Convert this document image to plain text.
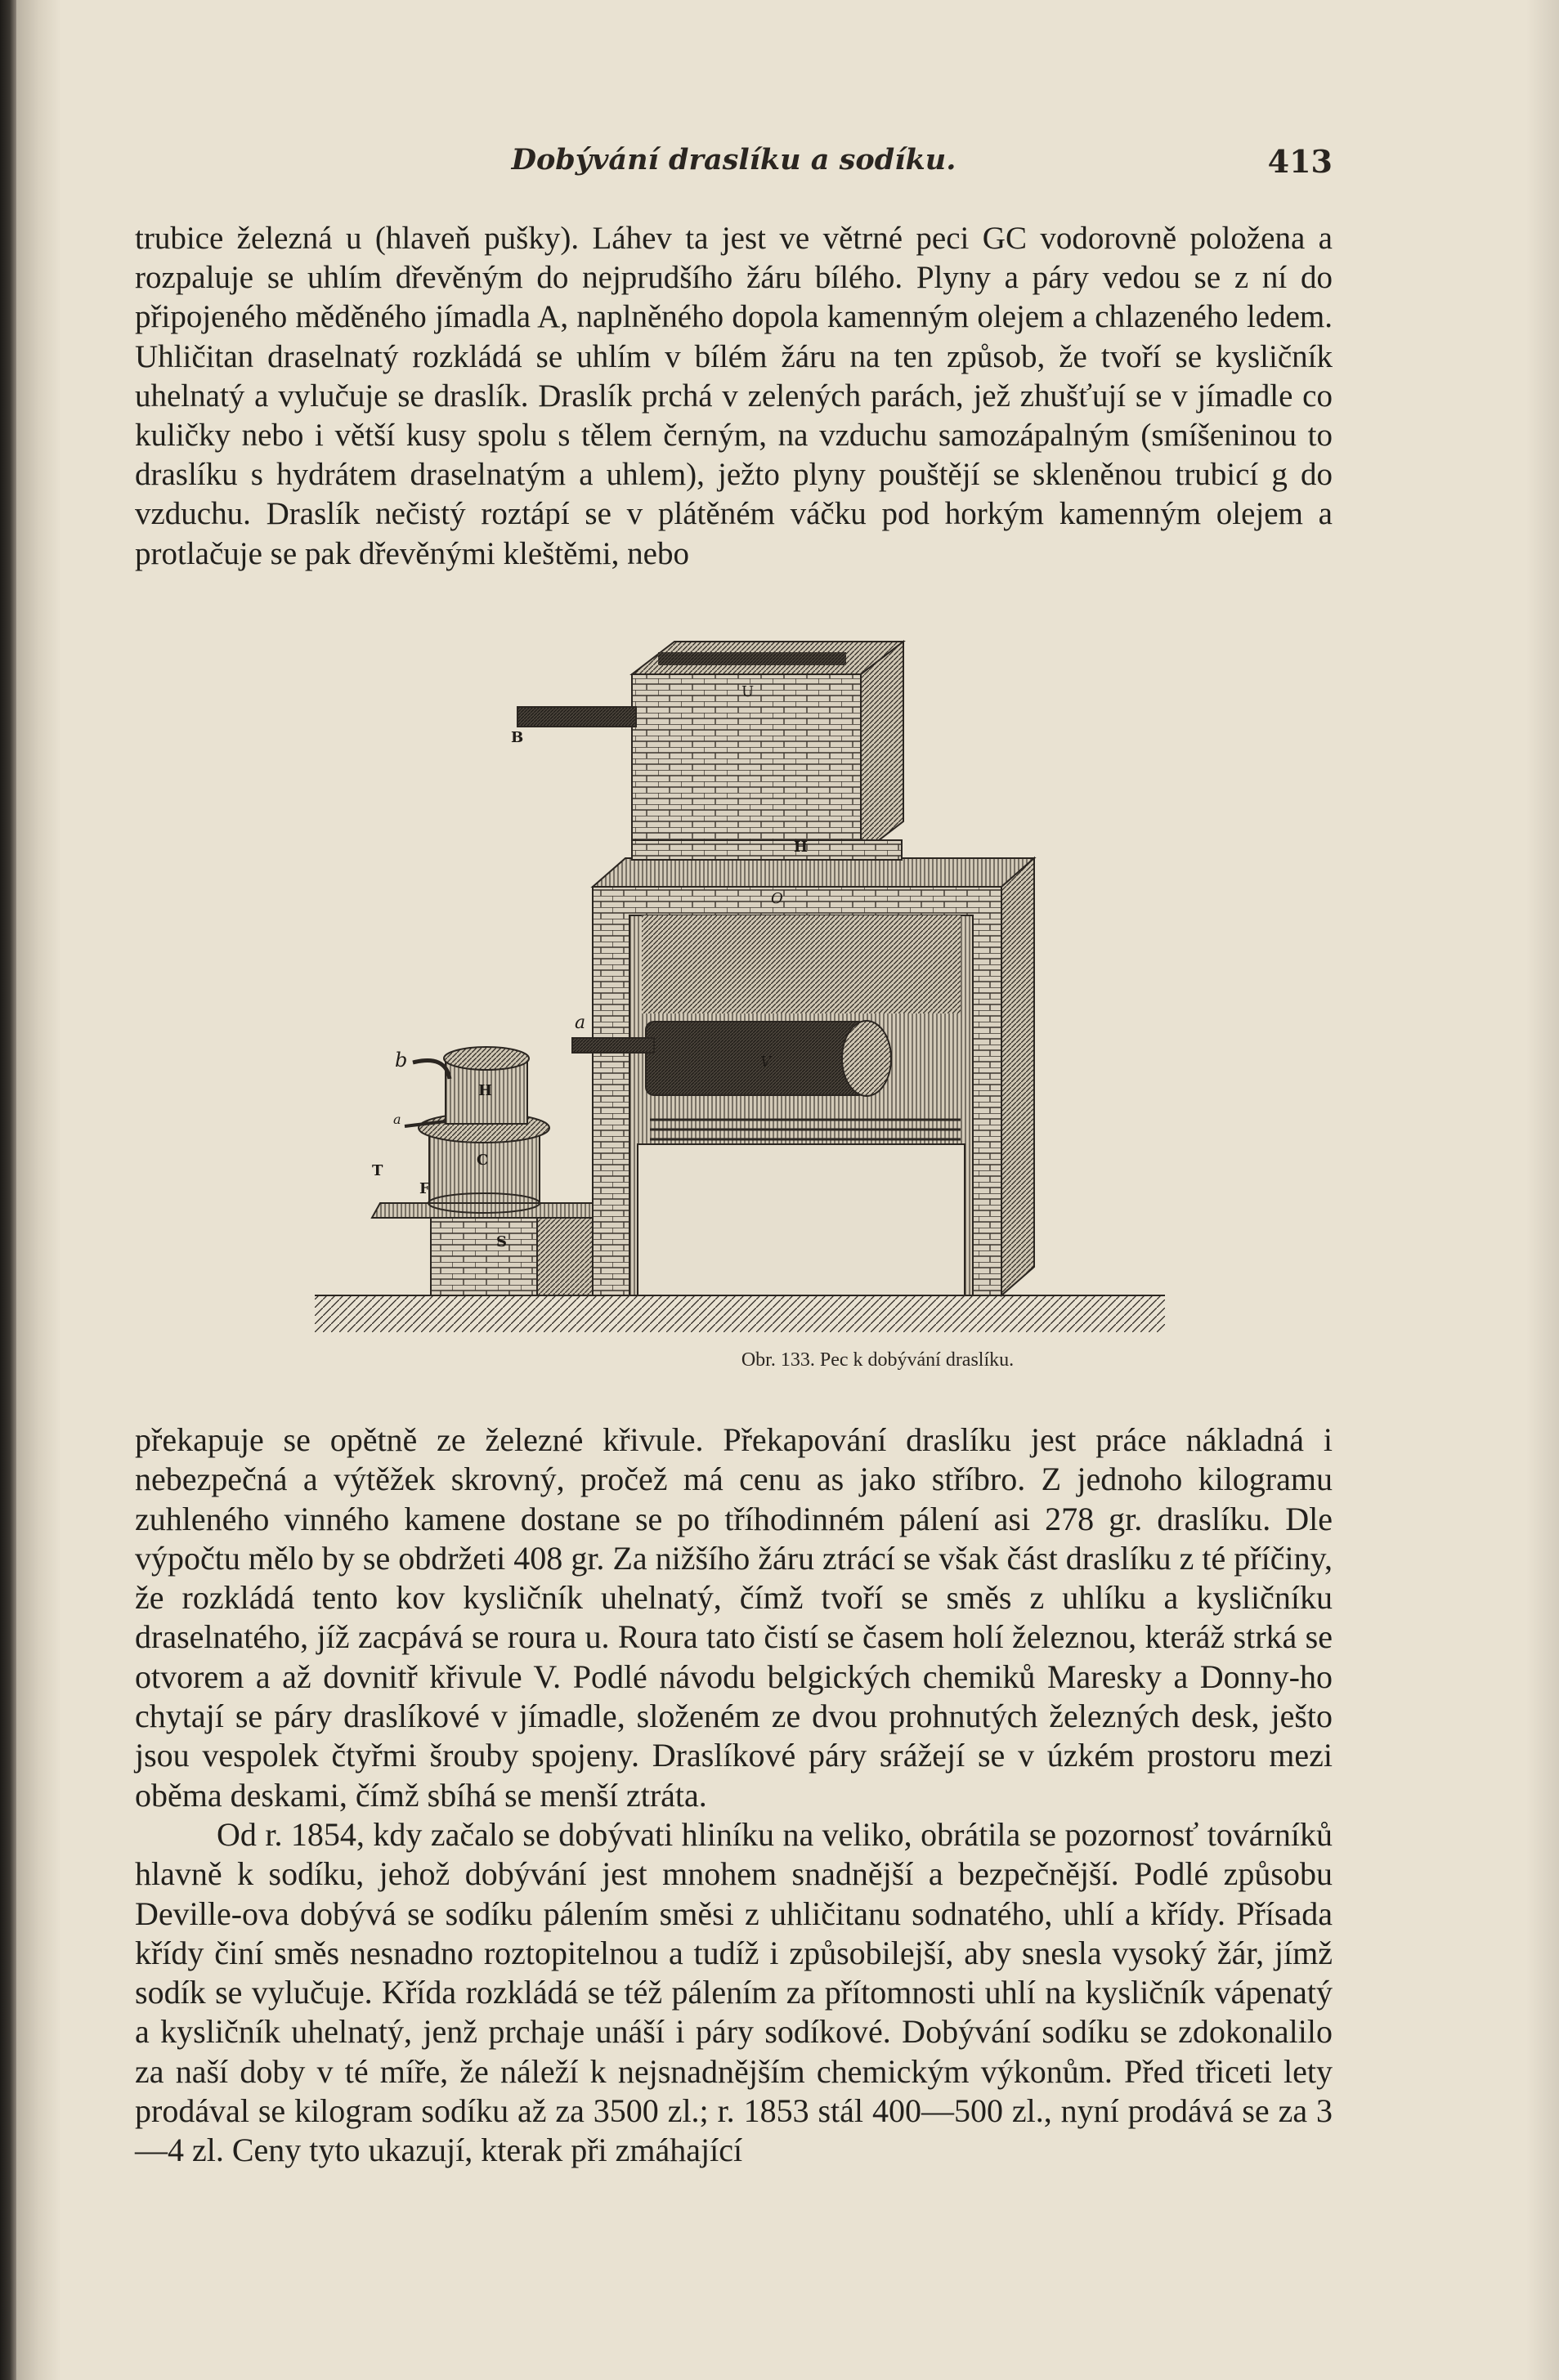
Dobývání draslíku a sodíku.	413

trubice železná u (hlaveň pušky). Láhev ta jest ve větrné peci GC vodorovně položena a rozpaluje se uhlím dřevěným do nejprudšího žáru bílého. Plyny a páry vedou se z ní do připojeného měděného jímadla A, naplněného dopola kamenným olejem a chlazeného ledem. Uhličitan draselnatý rozkládá se uhlím v bílém žáru na ten způsob, že tvoří se kysličník uhelnatý a vylučuje se draslík. Draslík prchá v zelených parách, jež zhušťují se v jímadle co kuličky nebo i větší kusy spolu s tělem černým, na vzduchu samozápalným (smíšeninou to draslíku s hydrátem draselnatým a uhlem), ježto plyny pouštějí se skleněnou trubicí g do vzduchu. Draslík nečistý roztápí se v plátěném váčku pod horkým kamenným olejem a protlačuje se pak dřevěnými kleštěmi, nebo

U
B
H
O
V
a
b
H
C
T
F
S
a
Obr. 133. Pec k dobývání draslíku.

překapuje se opětně ze železné křivule. Překapování draslíku jest práce nákladná i nebezpečná a výtěžek skrovný, pročež má cenu as jako stříbro. Z jednoho kilogramu zuhleného vinného kamene dostane se po tříhodinném pálení asi 278 gr. draslíku. Dle výpočtu mělo by se obdržeti 408 gr. Za nižšího žáru ztrácí se však část draslíku z té příčiny, že rozkládá tento kov kysličník uhelnatý, čímž tvoří se směs z uhlíku a kysličníku draselnatého, jíž zacpává se roura u. Roura tato čistí se časem holí železnou, kteráž strká se otvorem a až dovnitř křivule V. Podlé návodu belgických chemiků Maresky a Donny-ho chytají se páry draslíkové v jímadle, složeném ze dvou prohnutých železných desk, ješto jsou vespolek čtyřmi šrouby spojeny. Draslíkové páry srážejí se v úzkém prostoru mezi oběma deskami, čímž sbíhá se menší ztráta.

Od r. 1854, kdy začalo se dobývati hliníku na veliko, obrátila se pozornosť továrníků hlavně k sodíku, jehož dobývání jest mnohem snadnější a bezpečnější. Podlé způsobu Deville-ova dobývá se sodíku pálením směsi z uhličitanu sodnatého, uhlí a křídy. Přísada křídy činí směs nesnadno roztopitelnou a tudíž i způsobilejší, aby snesla vysoký žár, jímž sodík se vylučuje. Křída rozkládá se též pálením za přítomnosti uhlí na kysličník vápenatý a kysličník uhelnatý, jenž prchaje unáší i páry sodíkové. Dobývání sodíku se zdokonalilo za naší doby v té míře, že náleží k nejsnadnějším chemickým výkonům. Před třiceti lety prodával se kilogram sodíku až za 3500 zl.; r. 1853 stál 400—500 zl., nyní prodává se za 3—4 zl. Ceny tyto ukazují, kterak při zmáhající
